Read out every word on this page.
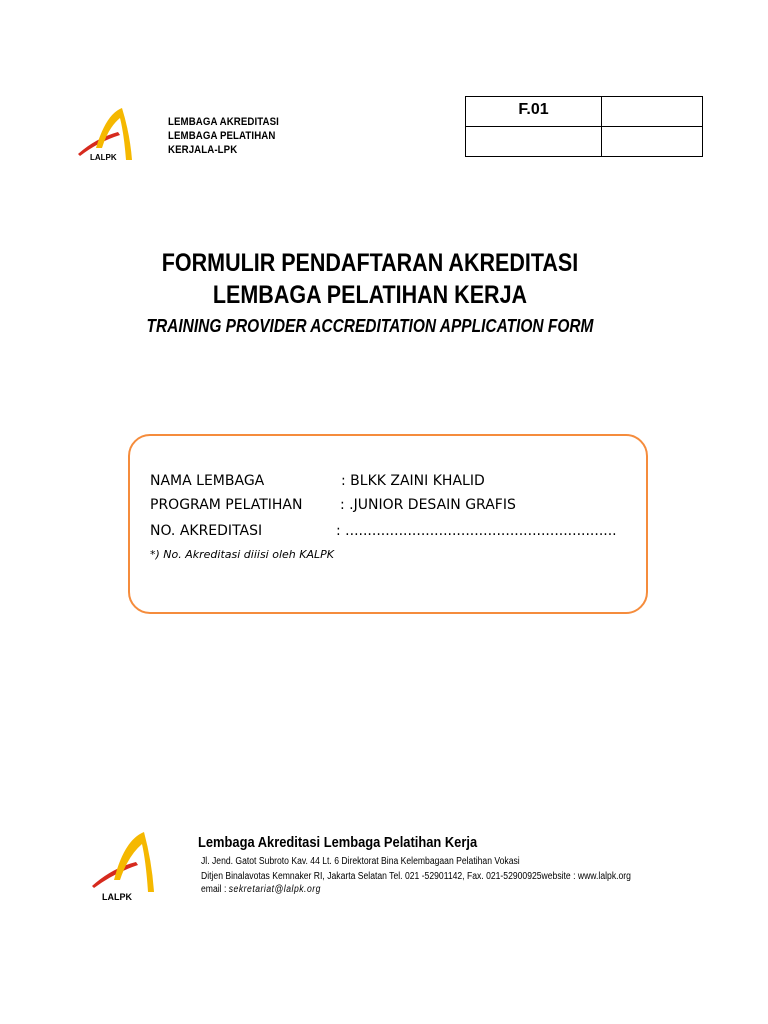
LALPK
LEMBAGA AKREDITASI
LEMBAGA PELATIHAN
KERJALA-LPK
F.01	

FORMULIR PENDAFTARAN AKREDITASI
LEMBAGA PELATIHAN KERJA
TRAINING PROVIDER ACCREDITATION APPLICATION FORM
NAMA LEMBAGA	: BLKK ZAINI KHALID
PROGRAM PELATIHAN	: .JUNIOR DESAIN GRAFIS
NO. AKREDITASI	: .............................................................
*) No. Akreditasi diiisi oleh KALPK
LALPK
Lembaga Akreditasi Lembaga Pelatihan Kerja
Jl. Jend. Gatot Subroto Kav. 44 Lt. 6 Direktorat Bina Kelembagaan Pelatihan Vokasi
Ditjen Binalavotas Kemnaker RI, Jakarta Selatan Tel. 021 -52901142, Fax. 021-52900925website : www.lalpk.org
email : sekretariat@lalpk.org
